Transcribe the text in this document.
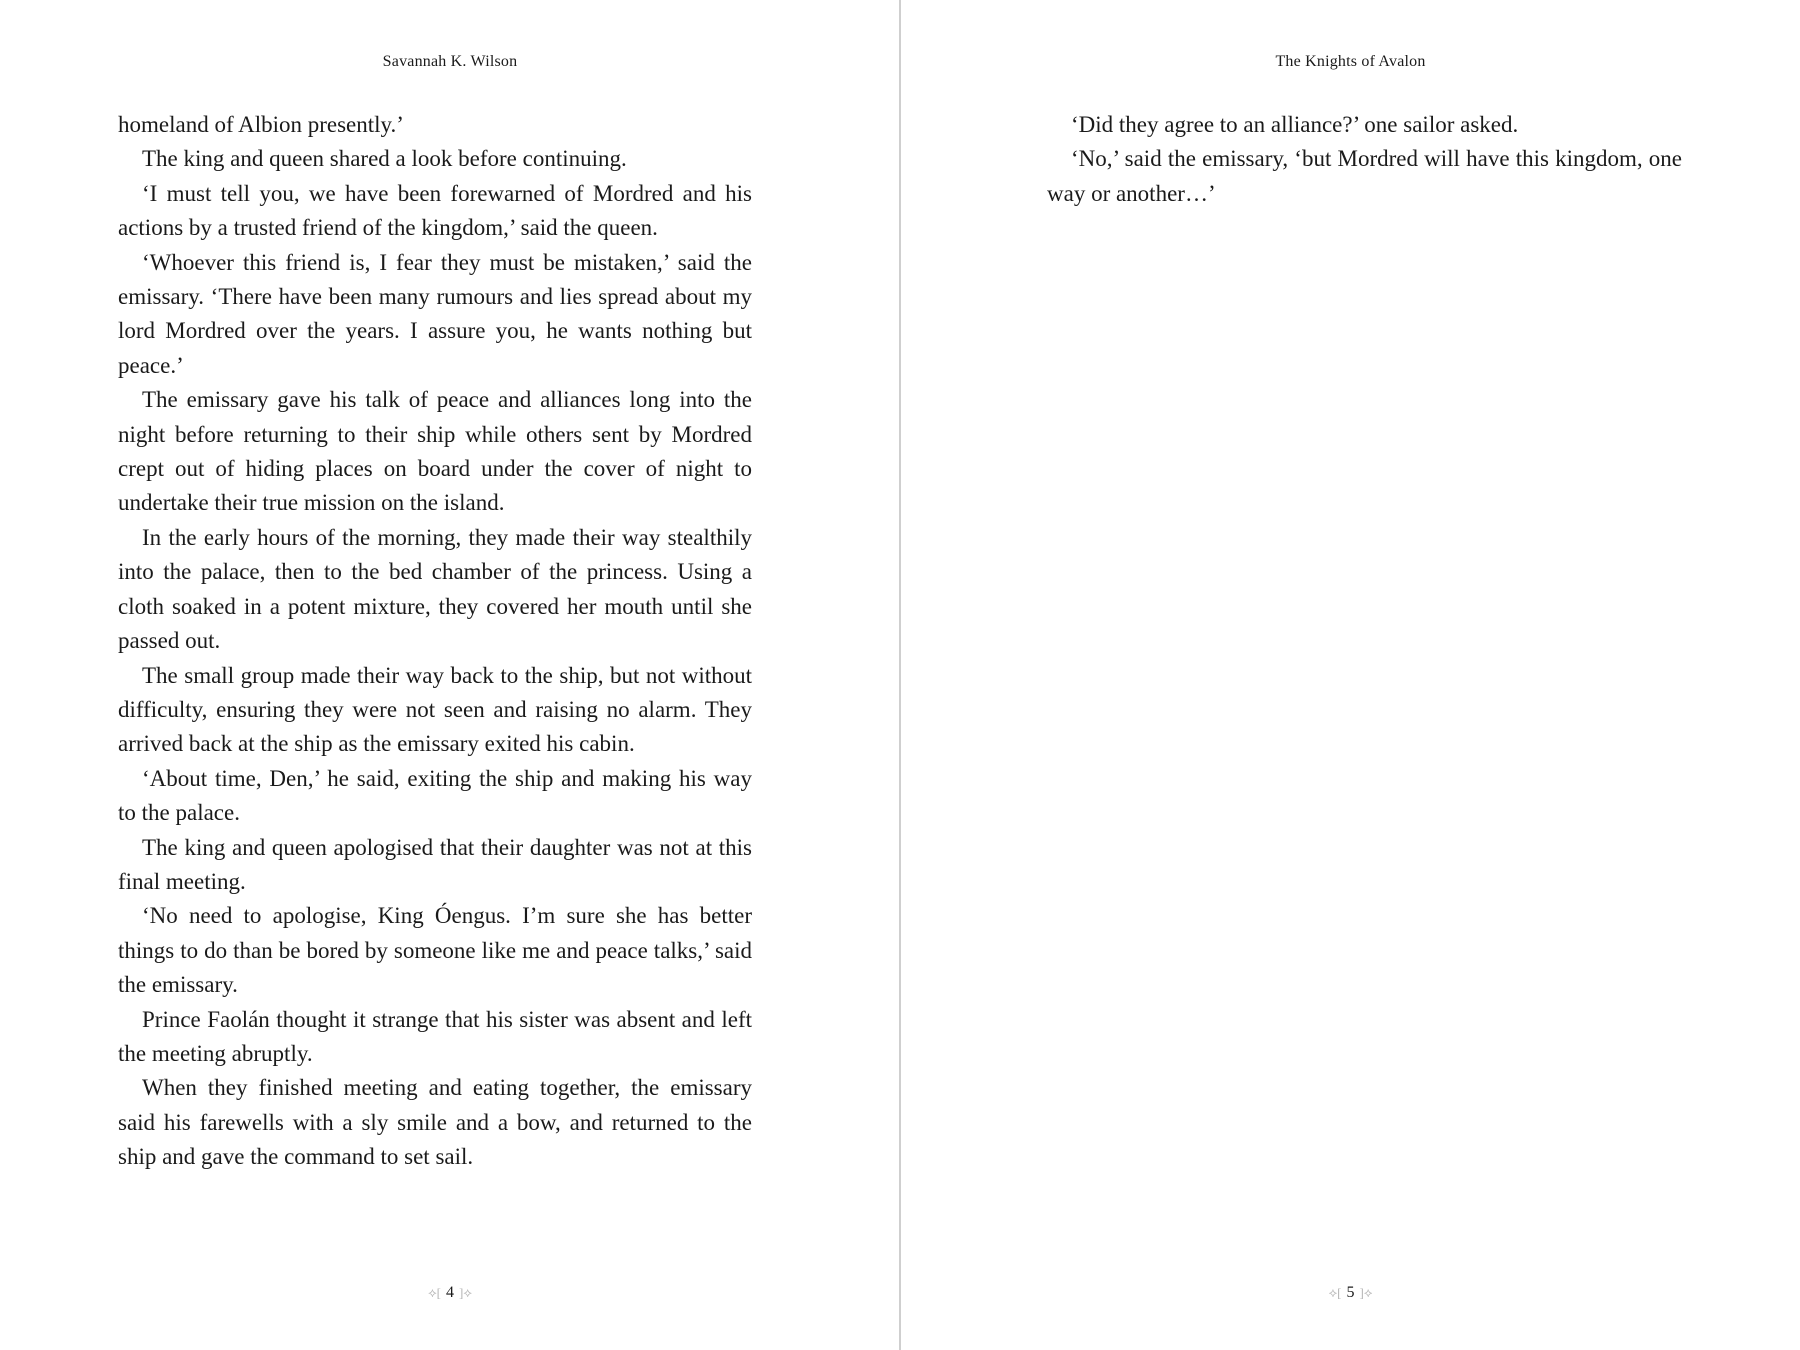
Savannah K. Wilson

homeland of Albion presently.’

The king and queen shared a look before continuing.

‘I must tell you, we have been forewarned of Mordred and his actions by a trusted friend of the kingdom,’ said the queen.

‘Whoever this friend is, I fear they must be mistaken,’ said the emissary. ‘There have been many rumours and lies spread about my lord Mordred over the years. I assure you, he wants nothing but peace.’

The emissary gave his talk of peace and alliances long into the night before returning to their ship while others sent by Mordred crept out of hiding places on board under the cover of night to undertake their true mission on the island.

In the early hours of the morning, they made their way stealthily into the palace, then to the bed chamber of the princess. Using a cloth soaked in a potent mixture, they covered her mouth until she passed out.

The small group made their way back to the ship, but not without difficulty, ensuring they were not seen and raising no alarm. They arrived back at the ship as the emissary exited his cabin.

‘About time, Den,’ he said, exiting the ship and making his way to the palace.

The king and queen apologised that their daughter was not at this final meeting.

‘No need to apologise, King Óengus. I’m sure she has better things to do than be bored by someone like me and peace talks,’ said the emissary.

Prince Faolán thought it strange that his sister was absent and left the meeting abruptly.

When they finished meeting and eating together, the emissary said his farewells with a sly smile and a bow, and returned to the ship and gave the command to set sail.

⟡[ 4 ]⟡
The Knights of Avalon

‘Did they agree to an alliance?’ one sailor asked.

‘No,’ said the emissary, ‘but Mordred will have this kingdom, one way or another…’

⟡[ 5 ]⟡
